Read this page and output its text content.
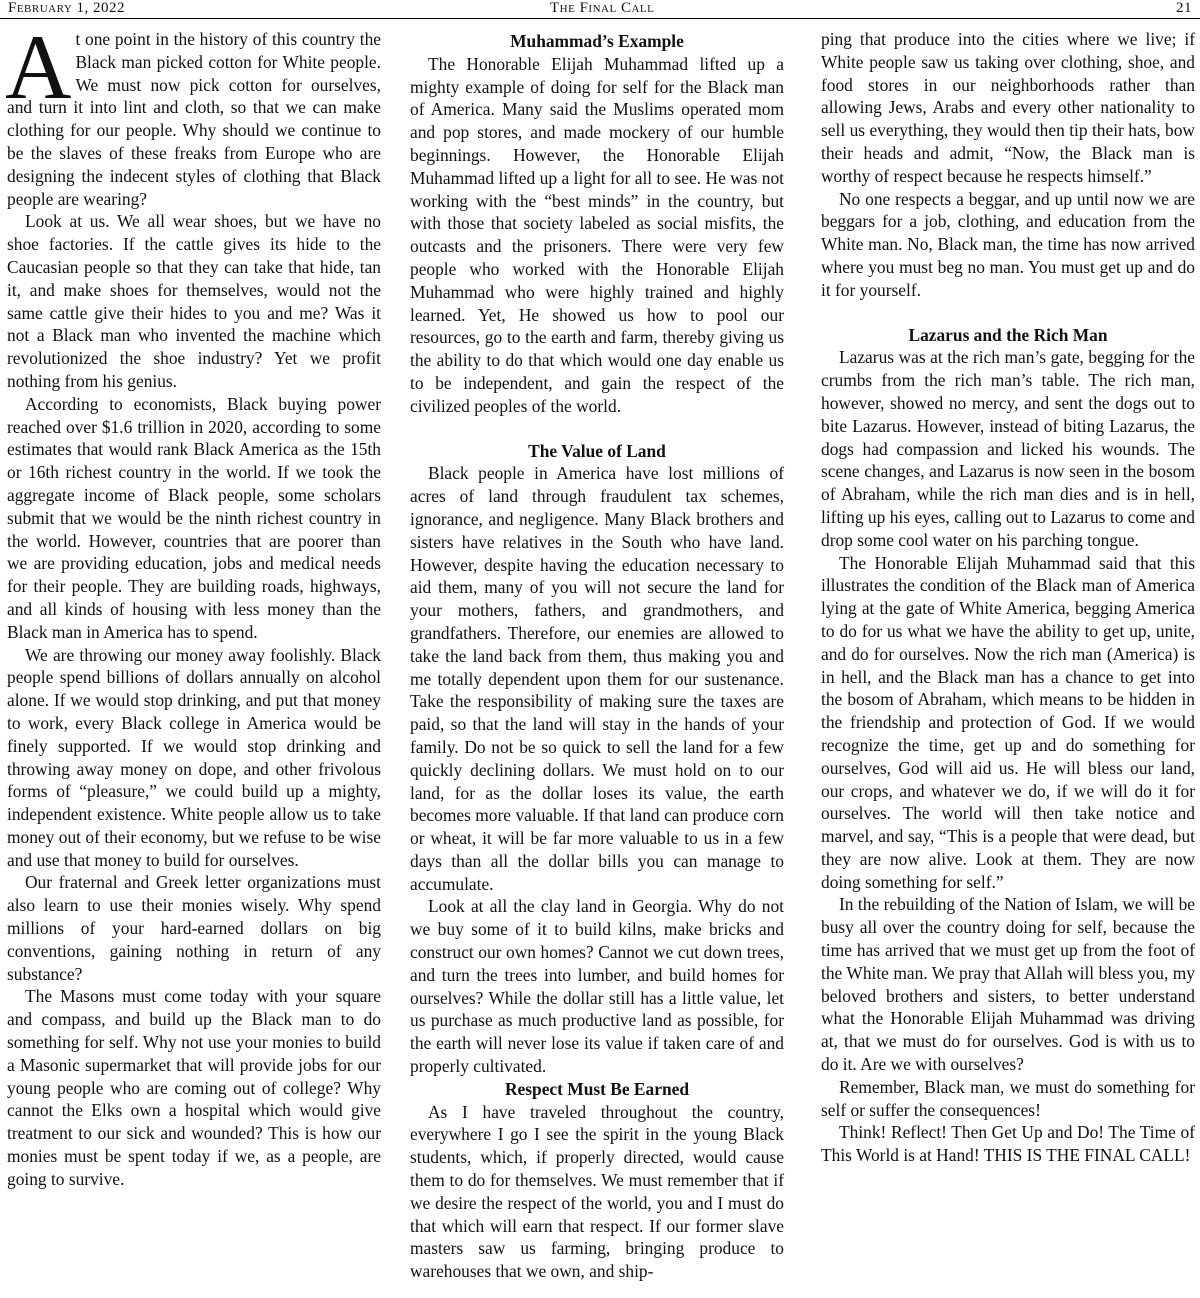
February 1, 2022	The Final Call	21

At one point in the history of this country the Black man picked cotton for White people. We must now pick cotton for ourselves, and turn it into lint and cloth, so that we can make clothing for our people. Why should we continue to be the slaves of these freaks from Europe who are designing the indecent styles of clothing that Black people are wearing?

Look at us. We all wear shoes, but we have no shoe factories. If the cattle gives its hide to the Caucasian people so that they can take that hide, tan it, and make shoes for themselves, would not the same cattle give their hides to you and me? Was it not a Black man who invented the machine which revolutionized the shoe industry? Yet we profit nothing from his genius.

According to economists, Black buying power reached over $1.6 trillion in 2020, according to some estimates that would rank Black America as the 15th or 16th richest country in the world. If we took the aggregate income of Black people, some scholars submit that we would be the ninth richest country in the world. However, countries that are poorer than we are providing education, jobs and medical needs for their people. They are building roads, highways, and all kinds of housing with less money than the Black man in America has to spend.

We are throwing our money away foolishly. Black people spend billions of dollars annually on alcohol alone. If we would stop drinking, and put that money to work, every Black college in America would be finely supported. If we would stop drinking and throwing away money on dope, and other frivolous forms of “pleasure,” we could build up a mighty, independent existence. White people allow us to take money out of their economy, but we refuse to be wise and use that money to build for ourselves.

Our fraternal and Greek letter organizations must also learn to use their monies wisely. Why spend millions of your hard-earned dollars on big conventions, gaining nothing in return of any substance?

The Masons must come today with your square and compass, and build up the Black man to do something for self. Why not use your monies to build a Masonic supermarket that will provide jobs for our young people who are coming out of college? Why cannot the Elks own a hospital which would give treatment to our sick and wounded? This is how our monies must be spent today if we, as a people, are going to survive.

Muhammad’s Example

The Honorable Elijah Muhammad lifted up a mighty example of doing for self for the Black man of America. Many said the Muslims operated mom and pop stores, and made mockery of our humble beginnings. However, the Honorable Elijah Muhammad lifted up a light for all to see. He was not working with the “best minds” in the country, but with those that society labeled as social misfits, the outcasts and the prisoners. There were very few people who worked with the Honorable Elijah Muhammad who were highly trained and highly learned. Yet, He showed us how to pool our resources, go to the earth and farm, thereby giving us the ability to do that which would one day enable us to be independent, and gain the respect of the civilized peoples of the world.

The Value of Land

Black people in America have lost millions of acres of land through fraudulent tax schemes, ignorance, and negligence. Many Black brothers and sisters have relatives in the South who have land. However, despite having the education necessary to aid them, many of you will not secure the land for your mothers, fathers, and grandmothers, and grandfathers. Therefore, our enemies are allowed to take the land back from them, thus making you and me totally dependent upon them for our sustenance. Take the responsibility of making sure the taxes are paid, so that the land will stay in the hands of your family. Do not be so quick to sell the land for a few quickly declining dollars. We must hold on to our land, for as the dollar loses its value, the earth becomes more valuable. If that land can produce corn or wheat, it will be far more valuable to us in a few days than all the dollar bills you can manage to accumulate.

Look at all the clay land in Georgia. Why do not we buy some of it to build kilns, make bricks and construct our own homes? Cannot we cut down trees, and turn the trees into lumber, and build homes for ourselves? While the dollar still has a little value, let us purchase as much productive land as possible, for the earth will never lose its value if taken care of and properly cultivated.

Respect Must Be Earned

As I have traveled throughout the country, everywhere I go I see the spirit in the young Black students, which, if properly directed, would cause them to do for themselves. We must remember that if we desire the respect of the world, you and I must do that which will earn that respect. If our former slave masters saw us farming, bringing produce to warehouses that we own, and ship-

ping that produce into the cities where we live; if White people saw us taking over clothing, shoe, and food stores in our neighborhoods rather than allowing Jews, Arabs and every other nationality to sell us everything, they would then tip their hats, bow their heads and admit, “Now, the Black man is worthy of respect because he respects himself.”

No one respects a beggar, and up until now we are beggars for a job, clothing, and education from the White man. No, Black man, the time has now arrived where you must beg no man. You must get up and do it for yourself.

Lazarus and the Rich Man

Lazarus was at the rich man’s gate, begging for the crumbs from the rich man’s table. The rich man, however, showed no mercy, and sent the dogs out to bite Lazarus. However, instead of biting Lazarus, the dogs had compassion and licked his wounds. The scene changes, and Lazarus is now seen in the bosom of Abraham, while the rich man dies and is in hell, lifting up his eyes, calling out to Lazarus to come and drop some cool water on his parching tongue.

The Honorable Elijah Muhammad said that this illustrates the condition of the Black man of America lying at the gate of White America, begging America to do for us what we have the ability to get up, unite, and do for ourselves. Now the rich man (America) is in hell, and the Black man has a chance to get into the bosom of Abraham, which means to be hidden in the friendship and protection of God. If we would recognize the time, get up and do something for ourselves, God will aid us. He will bless our land, our crops, and whatever we do, if we will do it for ourselves. The world will then take notice and marvel, and say, “This is a people that were dead, but they are now alive. Look at them. They are now doing something for self.”

In the rebuilding of the Nation of Islam, we will be busy all over the country doing for self, because the time has arrived that we must get up from the foot of the White man. We pray that Allah will bless you, my beloved brothers and sisters, to better understand what the Honorable Elijah Muhammad was driving at, that we must do for ourselves. God is with us to do it. Are we with ourselves?

Remember, Black man, we must do something for self or suffer the consequences!

Think! Reflect! Then Get Up and Do! The Time of This World is at Hand! THIS IS THE FINAL CALL!
